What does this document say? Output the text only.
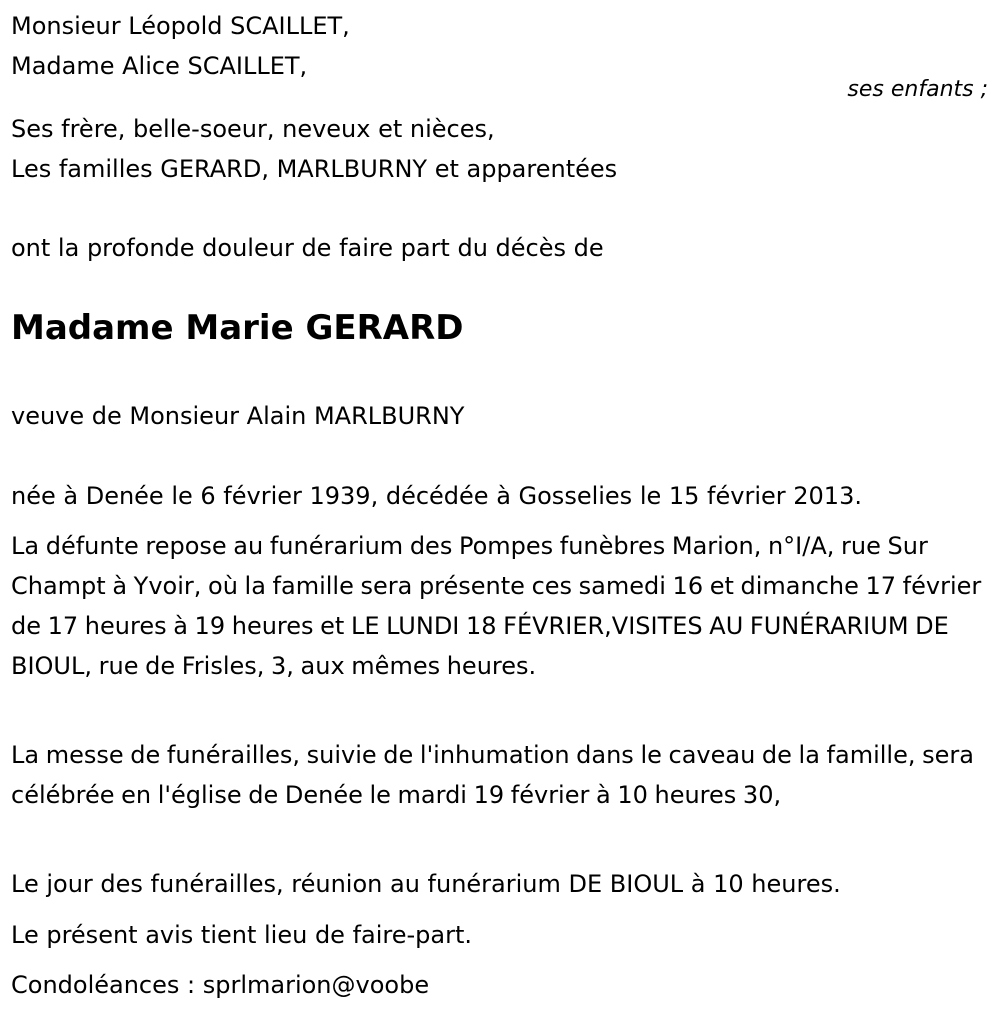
Monsieur Léopold SCAILLET,

Madame Alice SCAILLET,

ses enfants ;

Ses frère, belle-soeur, neveux et nièces,

Les familles GERARD, MARLBURNY et apparentées

ont la profonde douleur de faire part du décès de

Madame Marie GERARD

veuve de Monsieur Alain MARLBURNY

née à Denée le 6 février 1939, décédée à Gosselies le 15 février 2013.

La défunte repose au funérarium des Pompes funèbres Marion, n°I/A, rue Sur Champt à Yvoir, où la famille sera présente ces samedi 16 et dimanche 17 février de 17 heures à 19 heures et LE LUNDI 18 FÉVRIER,VISITES AU FUNÉRARIUM DE BIOUL, rue de Frisles, 3, aux mêmes heures.

La messe de funérailles, suivie de l'inhumation dans le caveau de la famille, sera célébrée en l'église de Denée le mardi 19 février à 10 heures 30,

Le jour des funérailles, réunion au funérarium DE BIOUL à 10 heures.

Le présent avis tient lieu de faire-part.

Condoléances : sprlmarion@voobe
